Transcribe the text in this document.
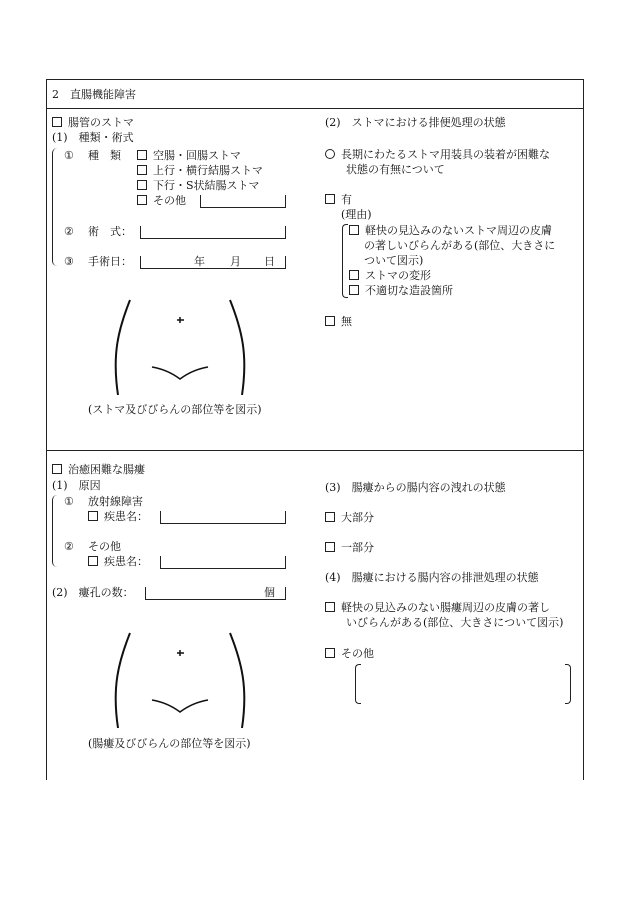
2　直腸機能障害
腸管のストマ
(1)　種類・術式
① 種　類	空腸・回腸ストマ
上行・横行結腸ストマ
下行・S状結腸ストマ
その他
② 術　式：
③ 手術日：	年 月 日
(ストマ及びびらんの部位等を図示)
(2)　ストマにおける排便処理の状態
長期にわたるストマ用装具の装着が困難な
状態の有無について
有
(理由)
軽快の見込みのないストマ周辺の皮膚
の著しいびらんがある(部位、大きさに
ついて図示)
ストマの変形
不適切な造設箇所
無
治癒困難な腸瘻
(1)　原因
① 放射線障害
疾患名：
② その他
疾患名：
(2)　瘻孔の数：	個
(腸瘻及びびらんの部位等を図示)
(3)　腸瘻からの腸内容の洩れの状態
大部分
一部分
(4)　腸瘻における腸内容の排泄処理の状態
軽快の見込みのない腸瘻周辺の皮膚の著し
いびらんがある(部位、大きさについて図示)
その他
